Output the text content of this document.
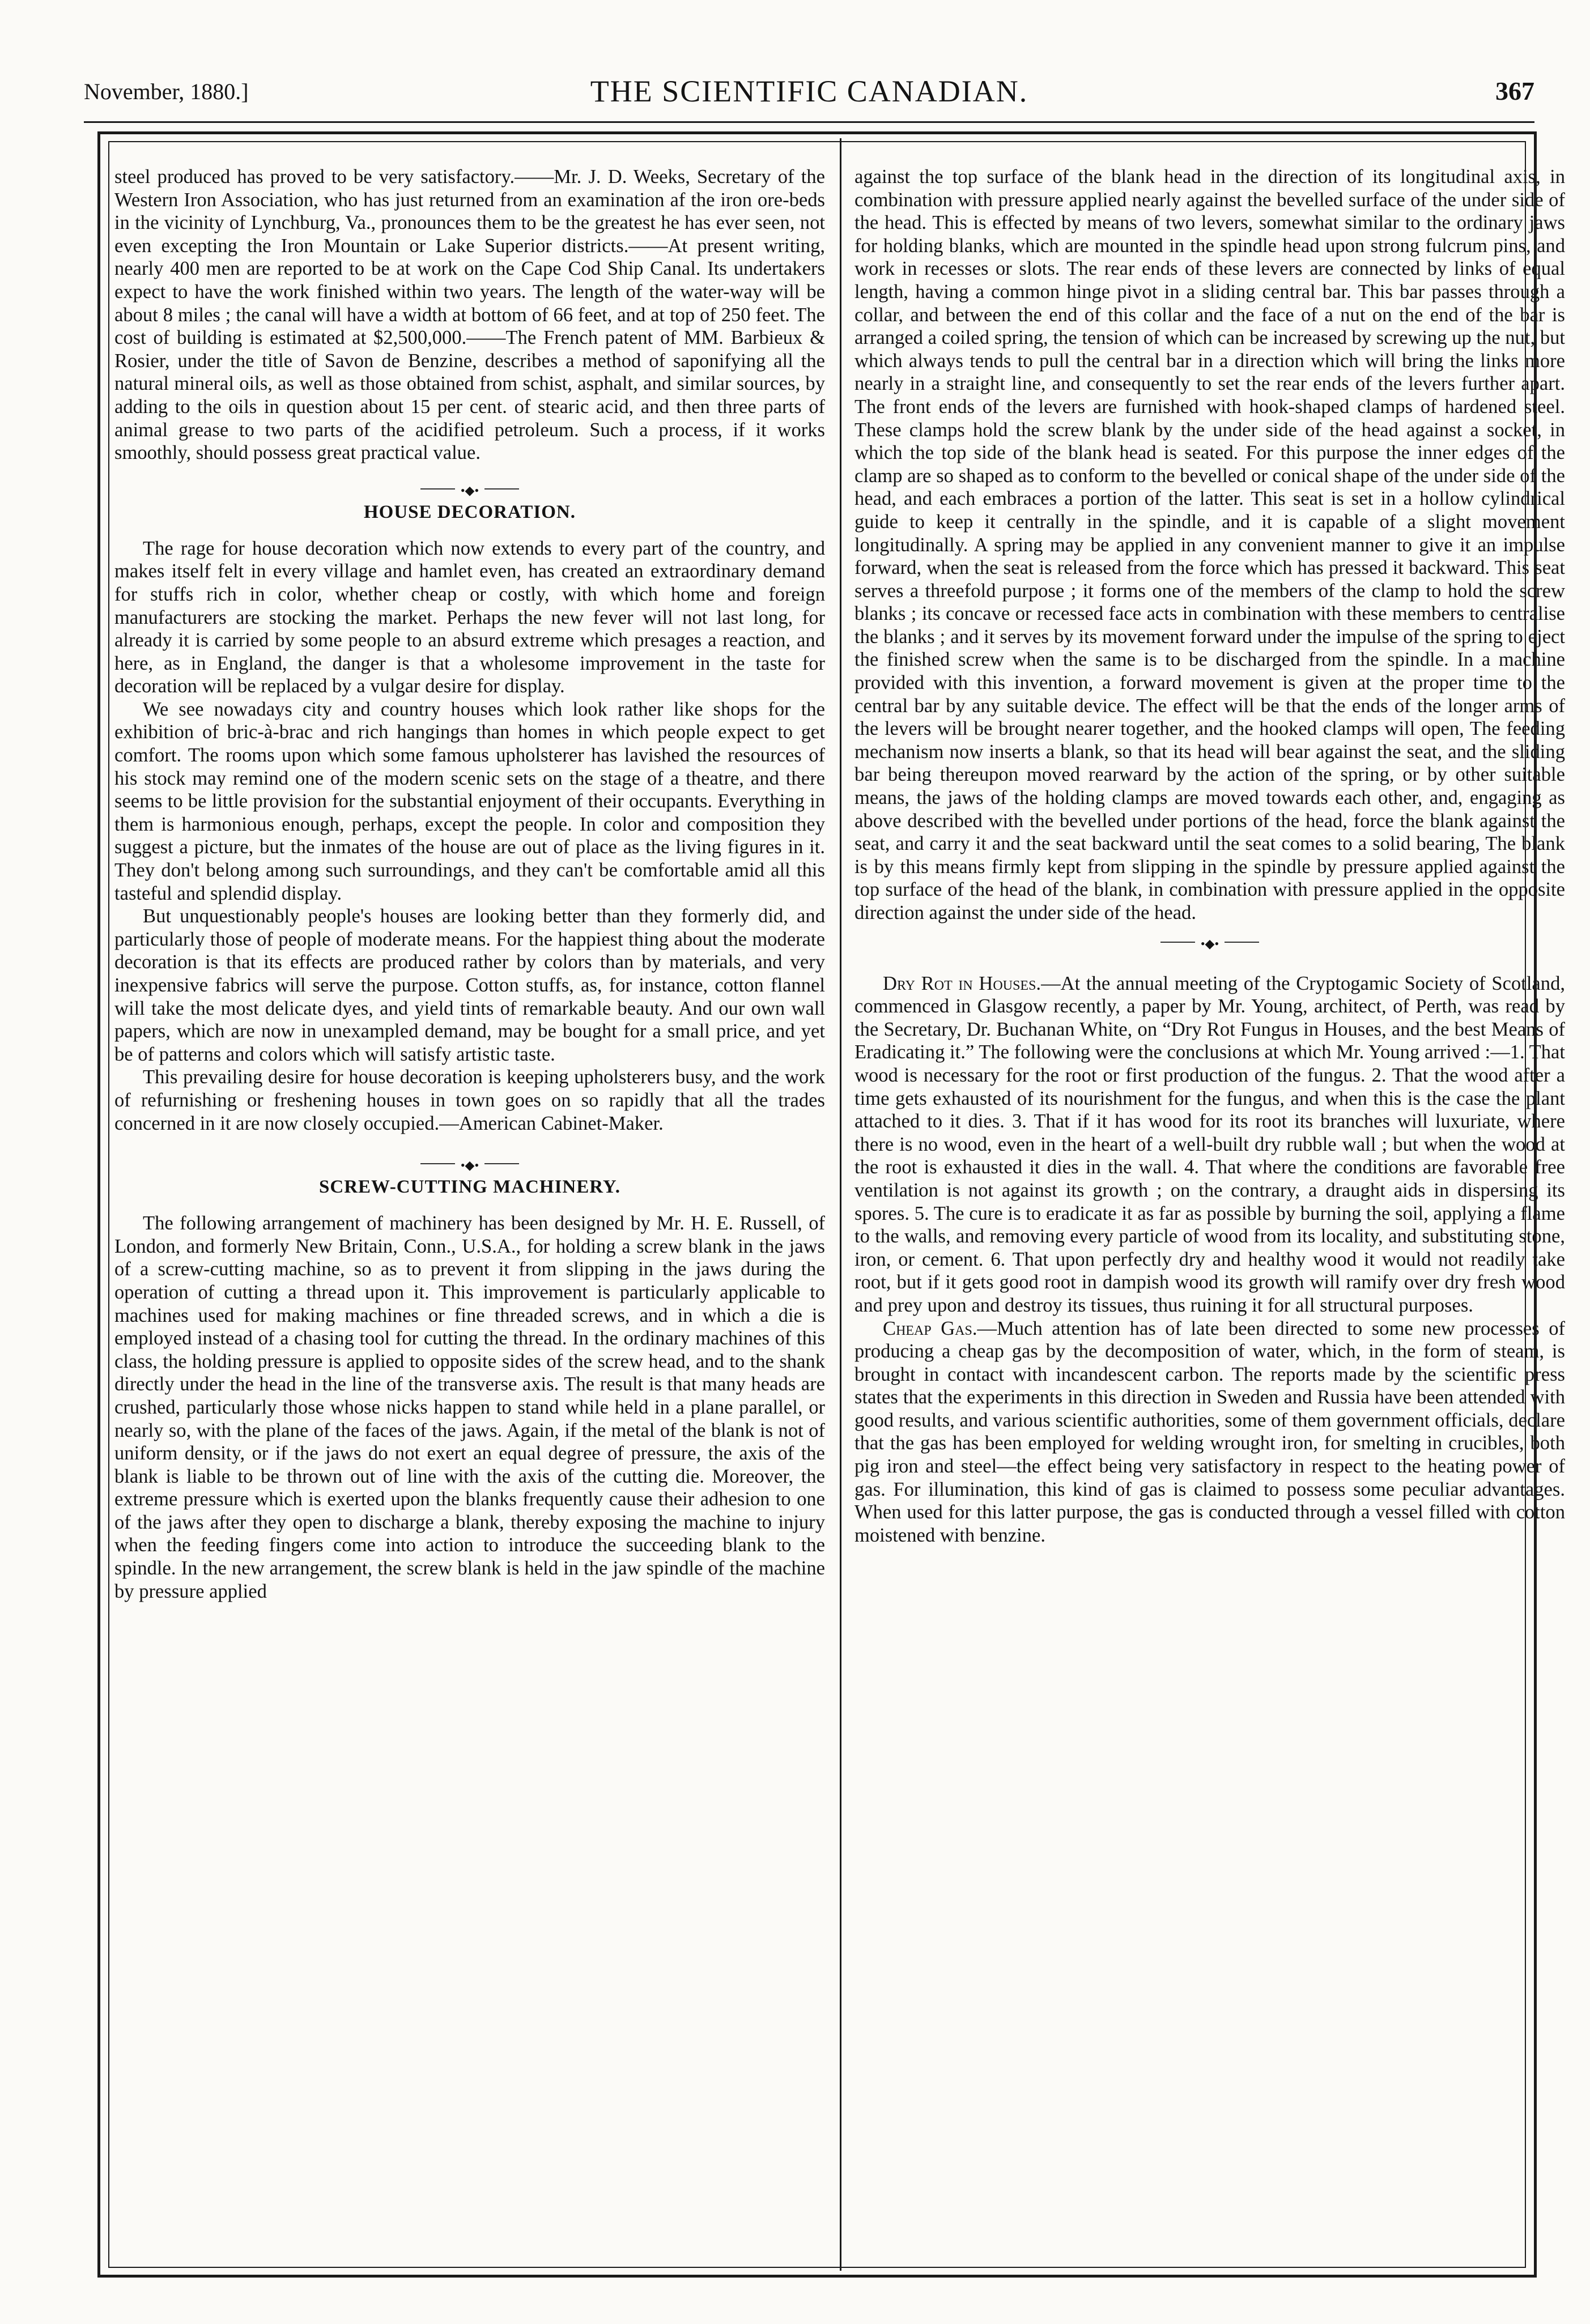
November, 1880.]	THE SCIENTIFIC CANADIAN.	367

steel produced has proved to be very satisfactory.——Mr. J. D. Weeks, Secretary of the Western Iron Association, who has just returned from an examination af the iron ore-beds in the vicinity of Lynchburg, Va., pronounces them to be the greatest he has ever seen, not even excepting the Iron Mountain or Lake Superior districts.——At present writing, nearly 400 men are reported to be at work on the Cape Cod Ship Canal. Its undertakers expect to have the work finished within two years. The length of the water-way will be about 8 miles ; the canal will have a width at bottom of 66 feet, and at top of 250 feet. The cost of building is estimated at $2,500,000.——The French patent of MM. Barbieux & Rosier, under the title of Savon de Benzine, describes a method of saponifying all the natural mineral oils, as well as those obtained from schist, asphalt, and similar sources, by adding to the oils in question about 15 per cent. of stearic acid, and then three parts of animal grease to two parts of the acidified petroleum. Such a process, if it works smoothly, should possess great practical value.

•◆•
HOUSE DECORATION.

The rage for house decoration which now extends to every part of the country, and makes itself felt in every village and hamlet even, has created an extraordinary demand for stuffs rich in color, whether cheap or costly, with which home and foreign manufacturers are stocking the market. Perhaps the new fever will not last long, for already it is carried by some people to an absurd extreme which presages a reaction, and here, as in England, the danger is that a wholesome improvement in the taste for decoration will be replaced by a vulgar desire for display.

We see nowadays city and country houses which look rather like shops for the exhibition of bric-à-brac and rich hangings than homes in which people expect to get comfort. The rooms upon which some famous upholsterer has lavished the resources of his stock may remind one of the modern scenic sets on the stage of a theatre, and there seems to be little provision for the substantial enjoyment of their occupants. Everything in them is harmonious enough, perhaps, except the people. In color and composition they suggest a picture, but the inmates of the house are out of place as the living figures in it. They don't belong among such surroundings, and they can't be comfortable amid all this tasteful and splendid display.

But unquestionably people's houses are looking better than they formerly did, and particularly those of people of moderate means. For the happiest thing about the moderate decoration is that its effects are produced rather by colors than by materials, and very inexpensive fabrics will serve the purpose. Cotton stuffs, as, for instance, cotton flannel will take the most delicate dyes, and yield tints of remarkable beauty. And our own wall papers, which are now in unexampled demand, may be bought for a small price, and yet be of patterns and colors which will satisfy artistic taste.

This prevailing desire for house decoration is keeping upholsterers busy, and the work of refurnishing or freshening houses in town goes on so rapidly that all the trades concerned in it are now closely occupied.—American Cabinet-Maker.

•◆•
SCREW-CUTTING MACHINERY.

The following arrangement of machinery has been designed by Mr. H. E. Russell, of London, and formerly New Britain, Conn., U.S.A., for holding a screw blank in the jaws of a screw-cutting machine, so as to prevent it from slipping in the jaws during the operation of cutting a thread upon it. This improvement is particularly applicable to machines used for making machines or fine threaded screws, and in which a die is employed instead of a chasing tool for cutting the thread. In the ordinary machines of this class, the holding pressure is applied to opposite sides of the screw head, and to the shank directly under the head in the line of the transverse axis. The result is that many heads are crushed, particularly those whose nicks happen to stand while held in a plane parallel, or nearly so, with the plane of the faces of the jaws. Again, if the metal of the blank is not of uniform density, or if the jaws do not exert an equal degree of pressure, the axis of the blank is liable to be thrown out of line with the axis of the cutting die. Moreover, the extreme pressure which is exerted upon the blanks frequently cause their adhesion to one of the jaws after they open to discharge a blank, thereby exposing the machine to injury when the feeding fingers come into action to introduce the succeeding blank to the spindle. In the new arrangement, the screw blank is held in the jaw spindle of the machine by pressure applied

against the top surface of the blank head in the direction of its longitudinal axis, in combination with pressure applied nearly against the bevelled surface of the under side of the head. This is effected by means of two levers, somewhat similar to the ordinary jaws for holding blanks, which are mounted in the spindle head upon strong fulcrum pins, and work in recesses or slots. The rear ends of these levers are connected by links of equal length, having a common hinge pivot in a sliding central bar. This bar passes through a collar, and between the end of this collar and the face of a nut on the end of the bar is arranged a coiled spring, the tension of which can be increased by screwing up the nut, but which always tends to pull the central bar in a direction which will bring the links more nearly in a straight line, and consequently to set the rear ends of the levers further apart. The front ends of the levers are furnished with hook-shaped clamps of hardened steel. These clamps hold the screw blank by the under side of the head against a socket, in which the top side of the blank head is seated. For this purpose the inner edges of the clamp are so shaped as to conform to the bevelled or conical shape of the under side of the head, and each embraces a portion of the latter. This seat is set in a hollow cylindrical guide to keep it centrally in the spindle, and it is capable of a slight movement longitudinally. A spring may be applied in any convenient manner to give it an impulse forward, when the seat is released from the force which has pressed it backward. This seat serves a threefold purpose ; it forms one of the members of the clamp to hold the screw blanks ; its concave or recessed face acts in combination with these members to centralise the blanks ; and it serves by its movement forward under the impulse of the spring to eject the finished screw when the same is to be discharged from the spindle. In a machine provided with this invention, a forward movement is given at the proper time to the central bar by any suitable device. The effect will be that the ends of the longer arms of the levers will be brought nearer together, and the hooked clamps will open, The feeding mechanism now inserts a blank, so that its head will bear against the seat, and the sliding bar being thereupon moved rearward by the action of the spring, or by other suitable means, the jaws of the holding clamps are moved towards each other, and, engaging as above described with the bevelled under portions of the head, force the blank against the seat, and carry it and the seat backward until the seat comes to a solid bearing, The blank is by this means firmly kept from slipping in the spindle by pressure applied against the top surface of the head of the blank, in combination with pressure applied in the opposite direction against the under side of the head.

•◆•

Dry Rot in Houses.—At the annual meeting of the Cryptogamic Society of Scotland, commenced in Glasgow recently, a paper by Mr. Young, architect, of Perth, was read by the Secretary, Dr. Buchanan White, on “Dry Rot Fungus in Houses, and the best Means of Eradicating it.” The following were the conclusions at which Mr. Young arrived :—1. That wood is necessary for the root or first production of the fungus. 2. That the wood after a time gets exhausted of its nourishment for the fungus, and when this is the case the plant attached to it dies. 3. That if it has wood for its root its branches will luxuriate, where there is no wood, even in the heart of a well-built dry rubble wall ; but when the wood at the root is exhausted it dies in the wall. 4. That where the conditions are favorable free ventilation is not against its growth ; on the contrary, a draught aids in dispersing its spores. 5. The cure is to eradicate it as far as possible by burning the soil, applying a flame to the walls, and removing every particle of wood from its locality, and substituting stone, iron, or cement. 6. That upon perfectly dry and healthy wood it would not readily take root, but if it gets good root in dampish wood its growth will ramify over dry fresh wood and prey upon and destroy its tissues, thus ruining it for all structural purposes.

Cheap Gas.—Much attention has of late been directed to some new processes of producing a cheap gas by the decomposition of water, which, in the form of steam, is brought in contact with incandescent carbon. The reports made by the scientific press states that the experiments in this direction in Sweden and Russia have been attended with good results, and various scientific authorities, some of them government officials, declare that the gas has been employed for welding wrought iron, for smelting in crucibles, both pig iron and steel—the effect being very satisfactory in respect to the heating power of gas. For illumination, this kind of gas is claimed to possess some peculiar advantages. When used for this latter purpose, the gas is conducted through a vessel filled with cotton moistened with benzine.
